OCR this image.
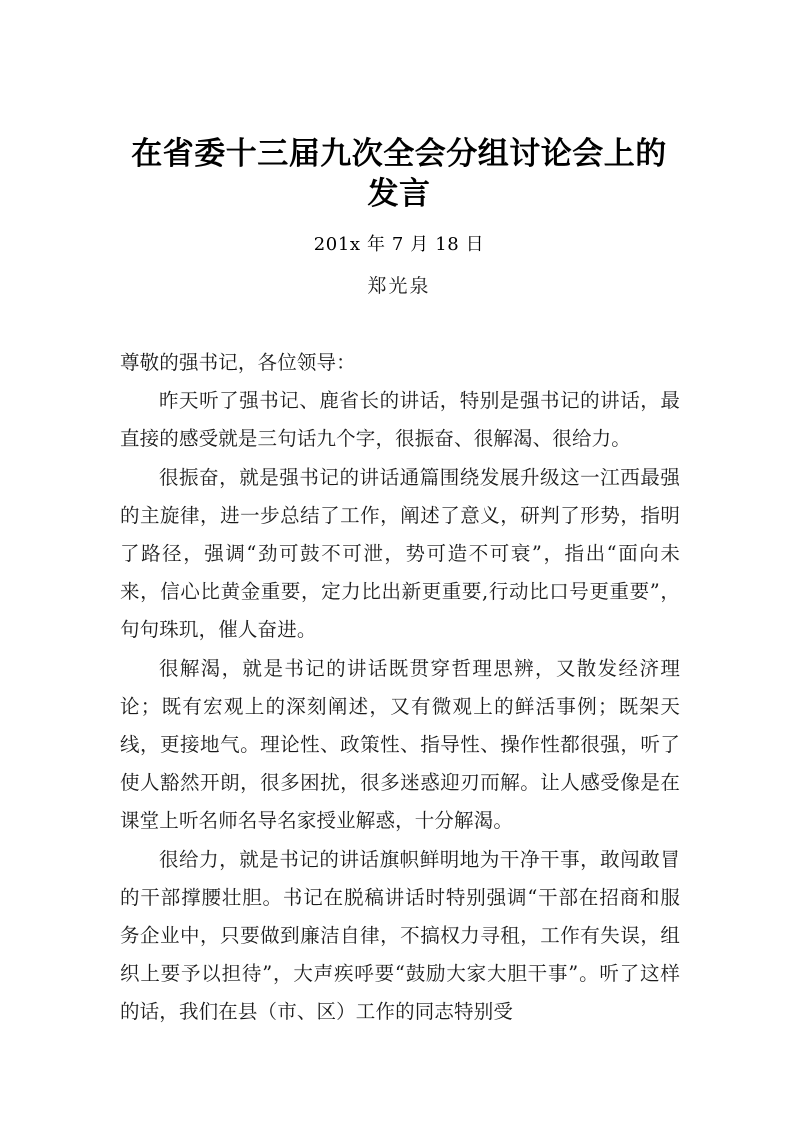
在省委十三届九次全会分组讨论会上的发言
201x 年 7 月 18 日
郑光泉

尊敬的强书记，各位领导：

昨天听了强书记、鹿省长的讲话，特别是强书记的讲话，最直接的感受就是三句话九个字，很振奋、很解渴、很给力。

很振奋，就是强书记的讲话通篇围绕发展升级这一江西最强的主旋律，进一步总结了工作，阐述了意义，研判了形势，指明了路径，强调“劲可鼓不可泄，势可造不可衰”，指出“面向未来，信心比黄金重要，定力比出新更重要,行动比口号更重要”，句句珠玑，催人奋进。

很解渴，就是书记的讲话既贯穿哲理思辨，又散发经济理论；既有宏观上的深刻阐述，又有微观上的鲜活事例；既架天线，更接地气。理论性、政策性、指导性、操作性都很强，听了使人豁然开朗，很多困扰，很多迷惑迎刃而解。让人感受像是在课堂上听名师名导名家授业解惑，十分解渴。

很给力，就是书记的讲话旗帜鲜明地为干净干事，敢闯敢冒的干部撑腰壮胆。书记在脱稿讲话时特别强调“干部在招商和服务企业中，只要做到廉洁自律，不搞权力寻租，工作有失误，组织上要予以担待”，大声疾呼要“鼓励大家大胆干事”。听了这样的话，我们在县（市、区）工作的同志特别受
